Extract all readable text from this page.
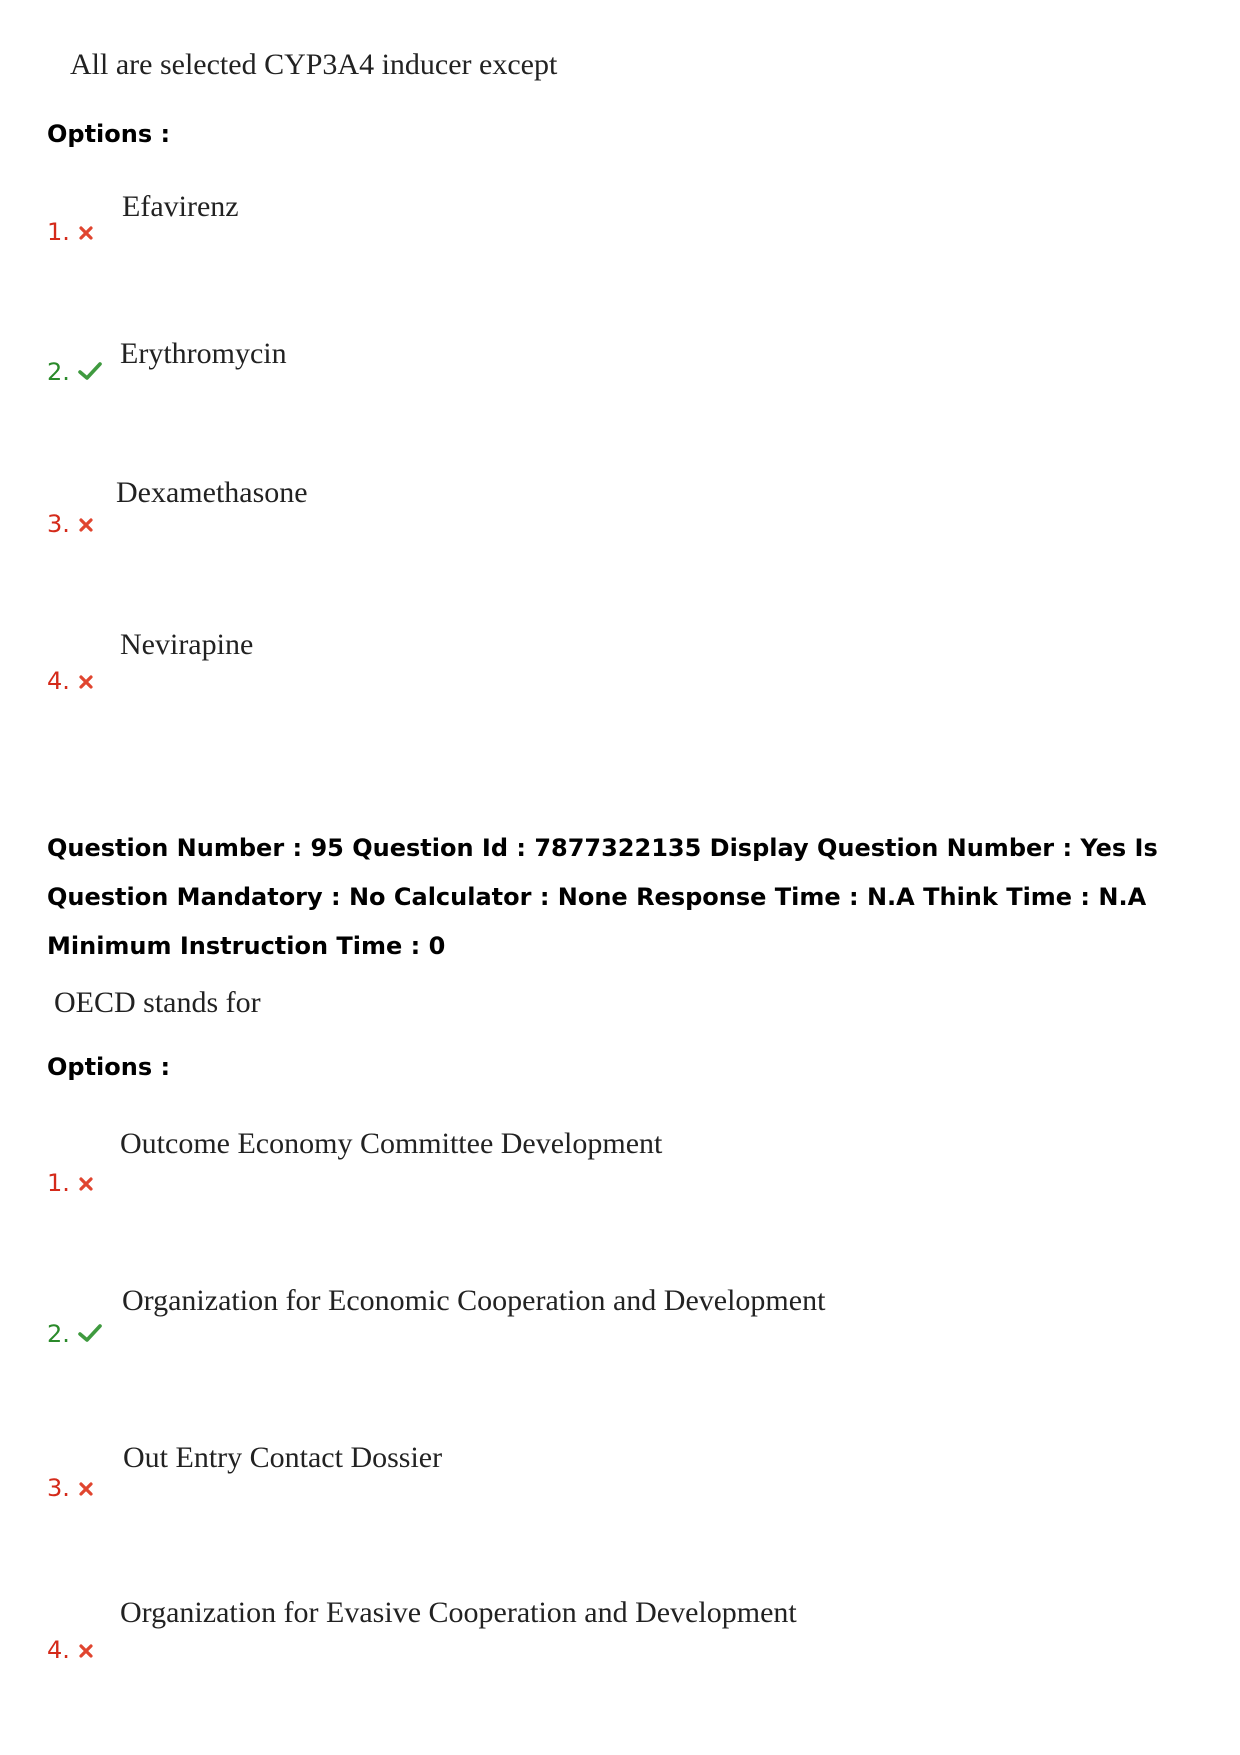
All are selected CYP3A4 inducer except
Options :
Efavirenz
1.
Erythromycin
2.
Dexamethasone
3.
Nevirapine
4.
Question Number : 95 Question Id : 7877322135 Display Question Number : Yes Is Question Mandatory : No Calculator : None Response Time : N.A Think Time : N.A Minimum Instruction Time : 0
OECD stands for
Options :
Outcome Economy Committee Development
1.
Organization for Economic Cooperation and Development
2.
Out Entry Contact Dossier
3.
Organization for Evasive Cooperation and Development
4.
